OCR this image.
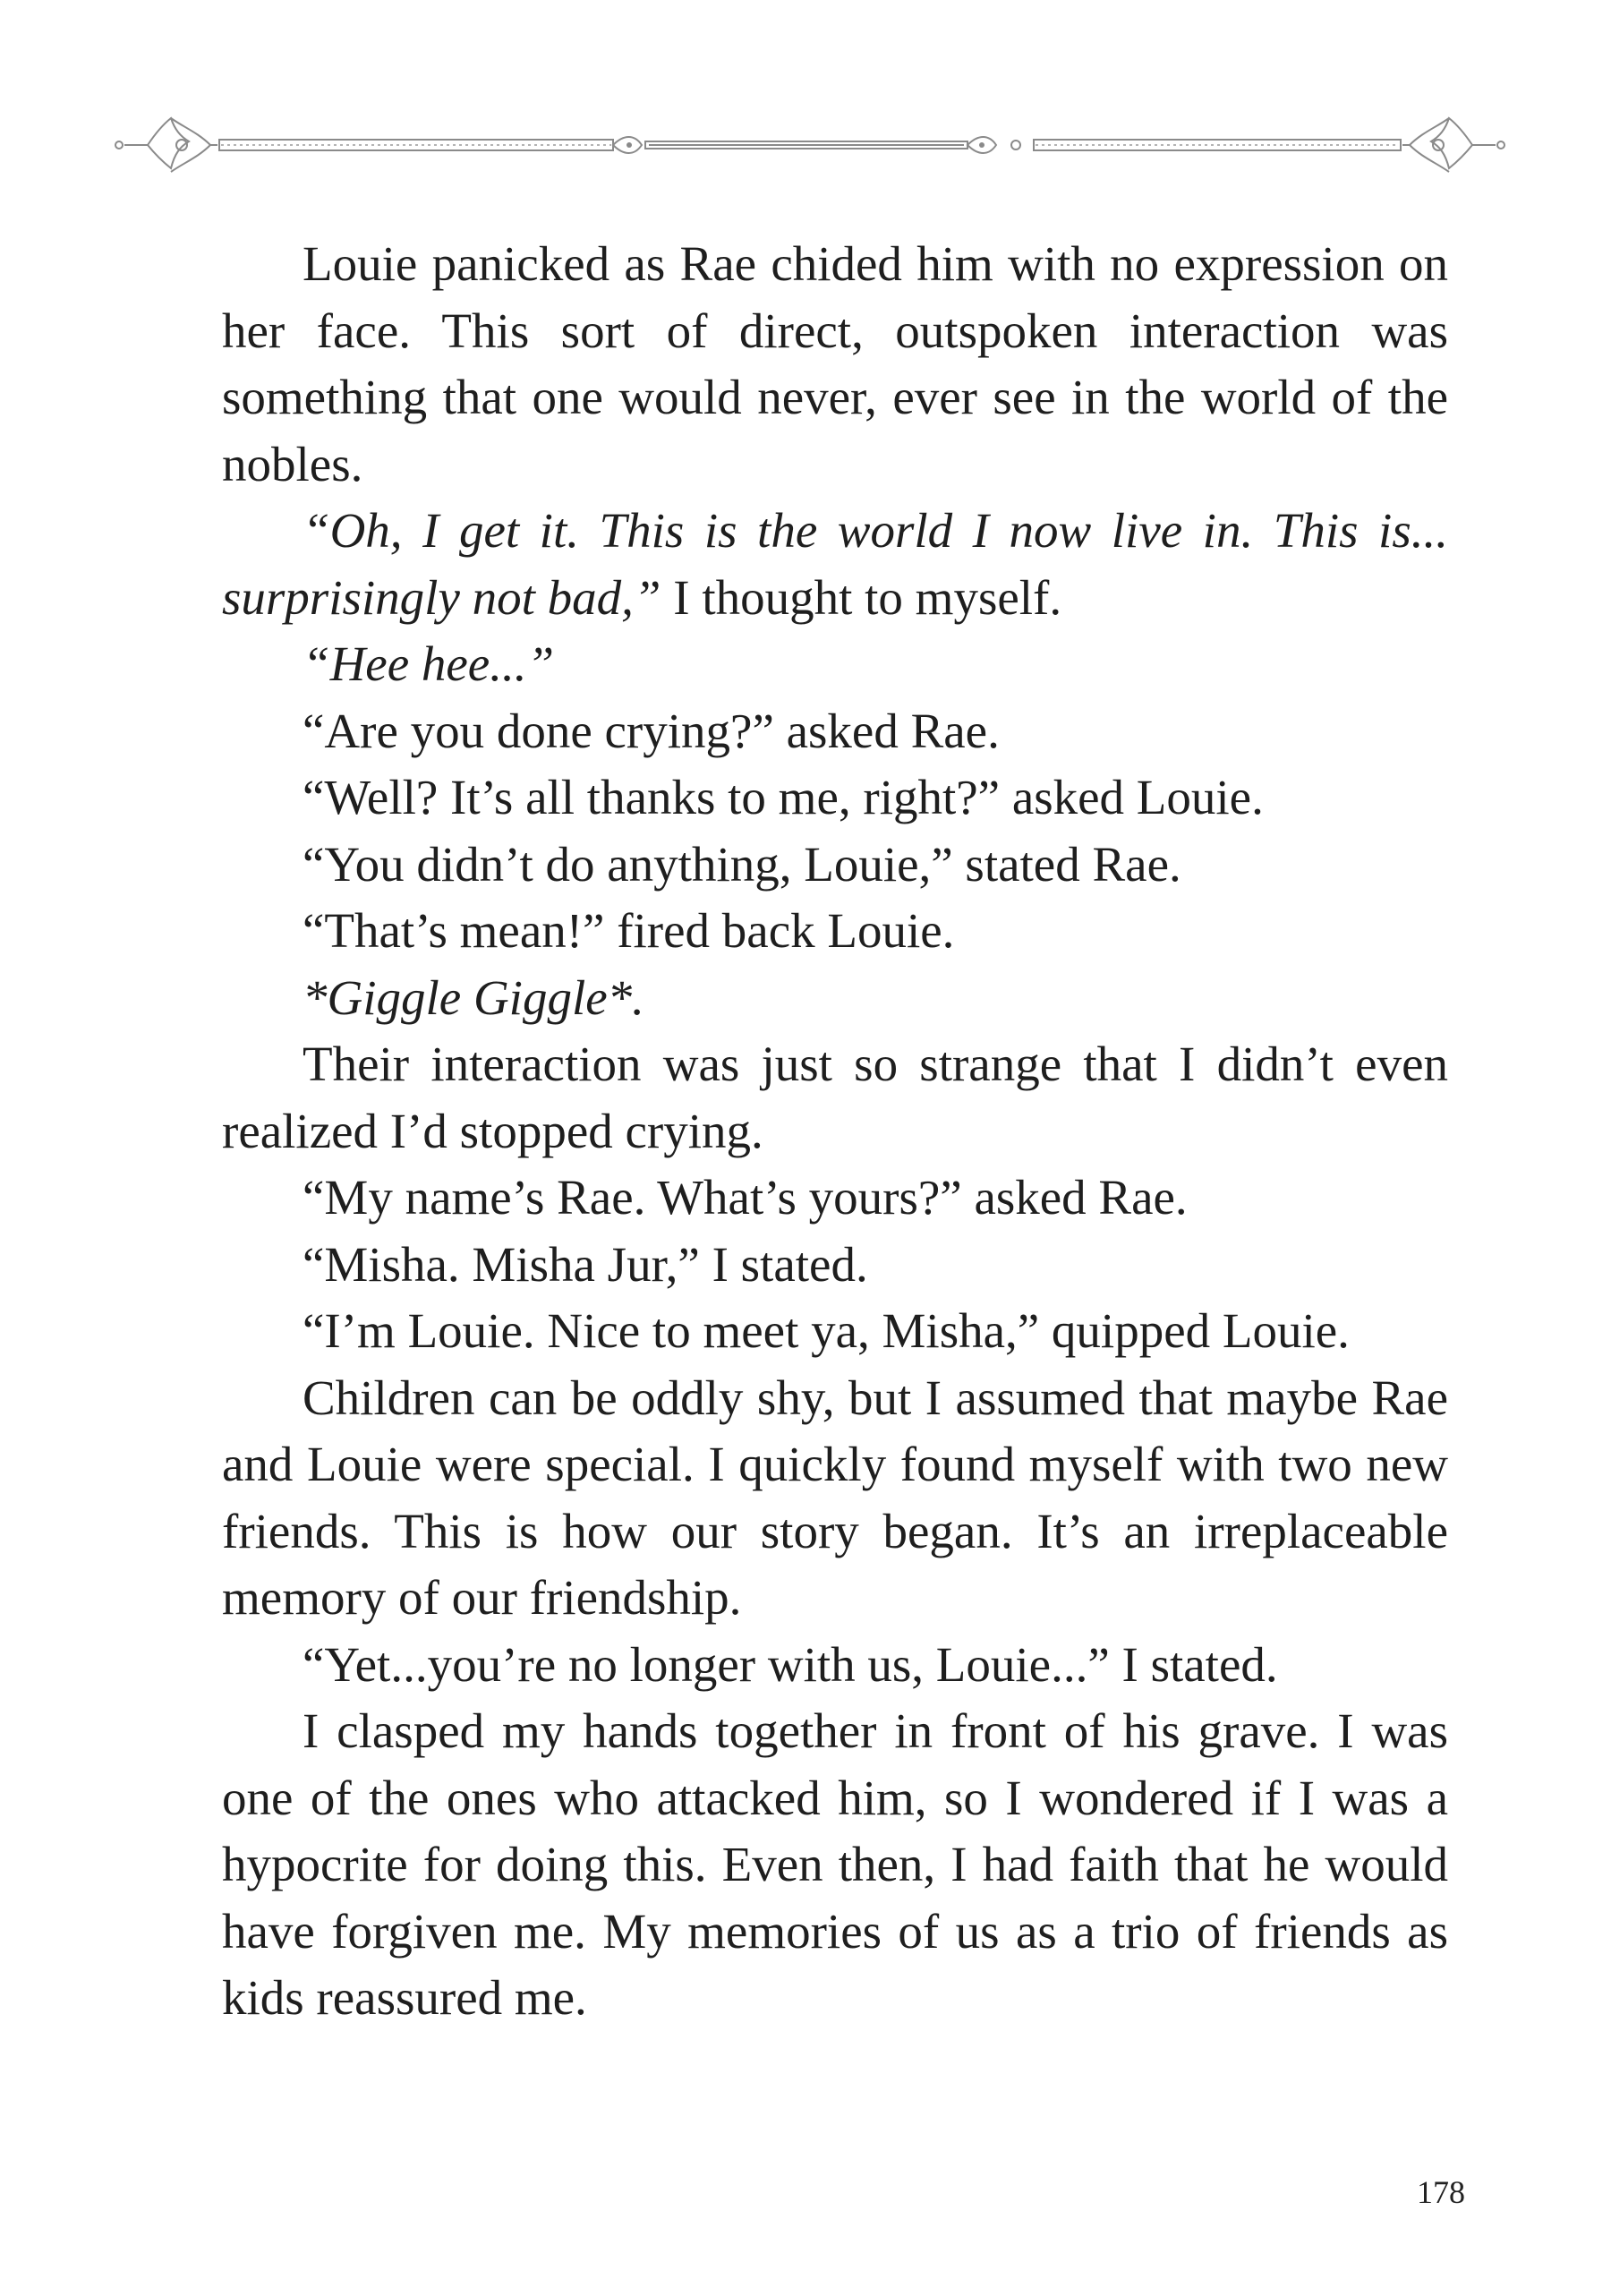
Louie panicked as Rae chided him with no expression on her face. This sort of direct, outspoken interaction was something that one would never, ever see in the world of the nobles.

“Oh, I get it. This is the world I now live in. This is... surprisingly not bad,” I thought to myself.

“Hee hee...”

“Are you done crying?” asked Rae.

“Well? It’s all thanks to me, right?” asked Louie.

“You didn’t do anything, Louie,” stated Rae.

“That’s mean!” fired back Louie.

*Giggle Giggle*.

Their interaction was just so strange that I didn’t even realized I’d stopped crying.

“My name’s Rae. What’s yours?” asked Rae.

“Misha. Misha Jur,” I stated.

“I’m Louie. Nice to meet ya, Misha,” quipped Louie.

Children can be oddly shy, but I assumed that maybe Rae and Louie were special. I quickly found myself with two new friends. This is how our story began. It’s an irreplaceable memory of our friendship.

“Yet...you’re no longer with us, Louie...” I stated.

I clasped my hands together in front of his grave. I was one of the ones who attacked him, so I wondered if I was a hypocrite for doing this. Even then, I had faith that he would have forgiven me. My memories of us as a trio of friends as kids reassured me.

178
